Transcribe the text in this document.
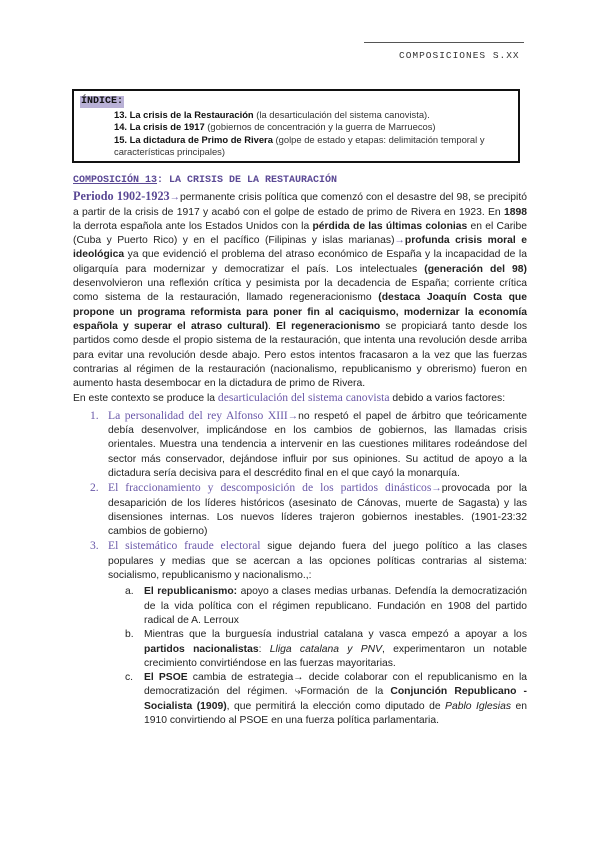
COMPOSICIONES S.XX
ÍNDICE:
13. La crisis de la Restauración (la desarticulación del sistema canovista).
14. La crisis de 1917 (gobiernos de concentración y la guerra de Marruecos)
15. La dictadura de Primo de Rivera (golpe de estado y etapas: delimitación temporal y características principales)
COMPOSICIÓN 13: LA CRISIS DE LA RESTAURACIÓN

Periodo 1902-1923→permanente crisis política que comenzó con el desastre del 98, se precipitó a partir de la crisis de 1917 y acabó con el golpe de estado de primo de Rivera en 1923. En 1898 la derrota española ante los Estados Unidos con la pérdida de las últimas colonias en el Caribe (Cuba y Puerto Rico) y en el pacífico (Filipinas y islas marianas)→profunda crisis moral e ideológica ya que evidenció el problema del atraso económico de España y la incapacidad de la oligarquía para modernizar y democratizar el país. Los intelectuales (generación del 98) desenvolvieron una reflexión crítica y pesimista por la decadencia de España; corriente crítica como sistema de la restauración, llamado regeneracionismo (destaca Joaquín Costa que propone un programa reformista para poner fin al caciquismo, modernizar la economía española y superar el atraso cultural). El regeneracionismo se propiciará tanto desde los partidos como desde el propio sistema de la restauración, que intenta una revolución desde arriba para evitar una revolución desde abajo. Pero estos intentos fracasaron a la vez que las fuerzas contrarias al régimen de la restauración (nacionalismo, republicanismo y obrerismo) fueron en aumento hasta desembocar en la dictadura de primo de Rivera.

En este contexto se produce la desarticulación del sistema canovista debido a varios factores:

1. La personalidad del rey Alfonso XIII→no respetó el papel de árbitro que teóricamente debía desenvolver, implicándose en los cambios de gobiernos, las llamadas crisis orientales. Muestra una tendencia a intervenir en las cuestiones militares rodeándose del sector más conservador, dejándose influir por sus opiniones. Su actitud de apoyo a la dictadura sería decisiva para el descrédito final en el que cayó la monarquía.
2. El fraccionamiento y descomposición de los partidos dinásticos→provocada por la desaparición de los líderes históricos (asesinato de Cánovas, muerte de Sagasta) y las disensiones internas. Los nuevos líderes trajeron gobiernos inestables. (1901-23:32 cambios de gobierno)
3. El sistemático fraude electoral sigue dejando fuera del juego político a las clases populares y medias que se acercan a las opciones políticas contrarias al sistema: socialismo, republicanismo y nacionalismo.,:
a. El republicanismo: apoyo a clases medias urbanas. Defendía la democratización de la vida política con el régimen republicano. Fundación en 1908 del partido radical de A. Lerroux
b. Mientras que la burguesía industrial catalana y vasca empezó a apoyar a los partidos nacionalistas: Lliga catalana y PNV, experimentaron un notable crecimiento convirtiéndose en las fuerzas mayoritarias.
c. El PSOE cambia de estrategia→ decide colaborar con el republicanismo en la democratización del régimen. ⤷Formación de la Conjunción Republicano -Socialista (1909), que permitirá la elección como diputado de Pablo Iglesias en 1910 convirtiendo al PSOE en una fuerza política parlamentaria.
